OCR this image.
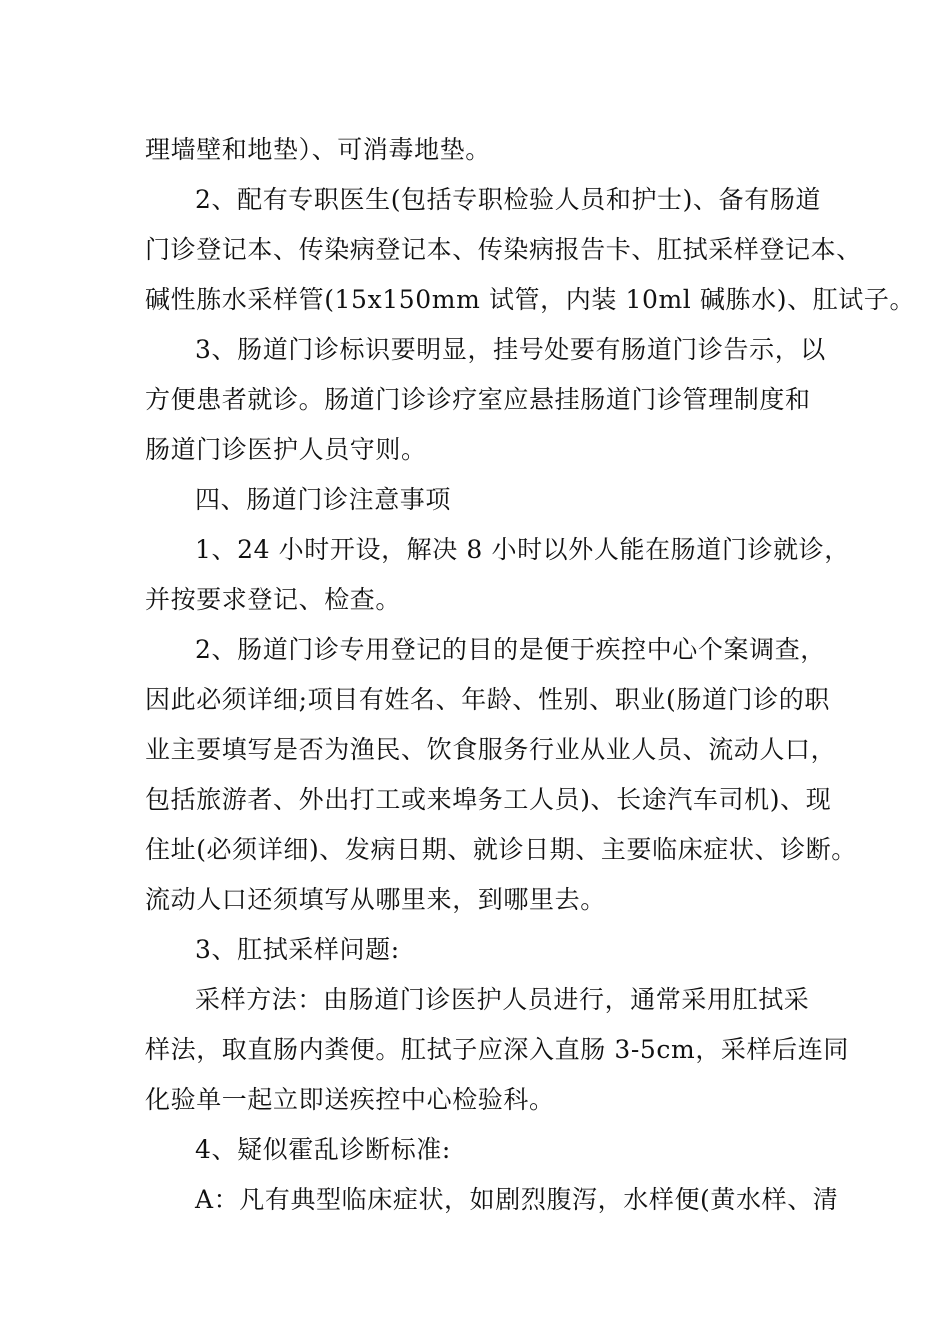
理墙壁和地垫）、可消毒地垫。
2、配有专职医生(包括专职检验人员和护士)、备有肠道
门诊登记本、传染病登记本、传染病报告卡、肛拭采样登记本、
碱性胨水采样管(15x150mm 试管，内装 10ml 碱胨水)、肛试子。
3、肠道门诊标识要明显，挂号处要有肠道门诊告示，以
方便患者就诊。肠道门诊诊疗室应悬挂肠道门诊管理制度和
肠道门诊医护人员守则。
四、肠道门诊注意事项
1、24 小时开设，解决 8 小时以外人能在肠道门诊就诊，
并按要求登记、检查。
2、肠道门诊专用登记的目的是便于疾控中心个案调查，
因此必须详细;项目有姓名、年龄、性别、职业(肠道门诊的职
业主要填写是否为渔民、饮食服务行业从业人员、流动人口，
包括旅游者、外出打工或来埠务工人员)、长途汽车司机)、现
住址(必须详细)、发病日期、就诊日期、主要临床症状、诊断。
流动人口还须填写从哪里来，到哪里去。
3、肛拭采样问题:
采样方法：由肠道门诊医护人员进行，通常采用肛拭采
样法，取直肠内粪便。肛拭子应深入直肠 3-5cm，采样后连同
化验单一起立即送疾控中心检验科。
4、疑似霍乱诊断标准:
A：凡有典型临床症状，如剧烈腹泻，水样便(黄水样、清
